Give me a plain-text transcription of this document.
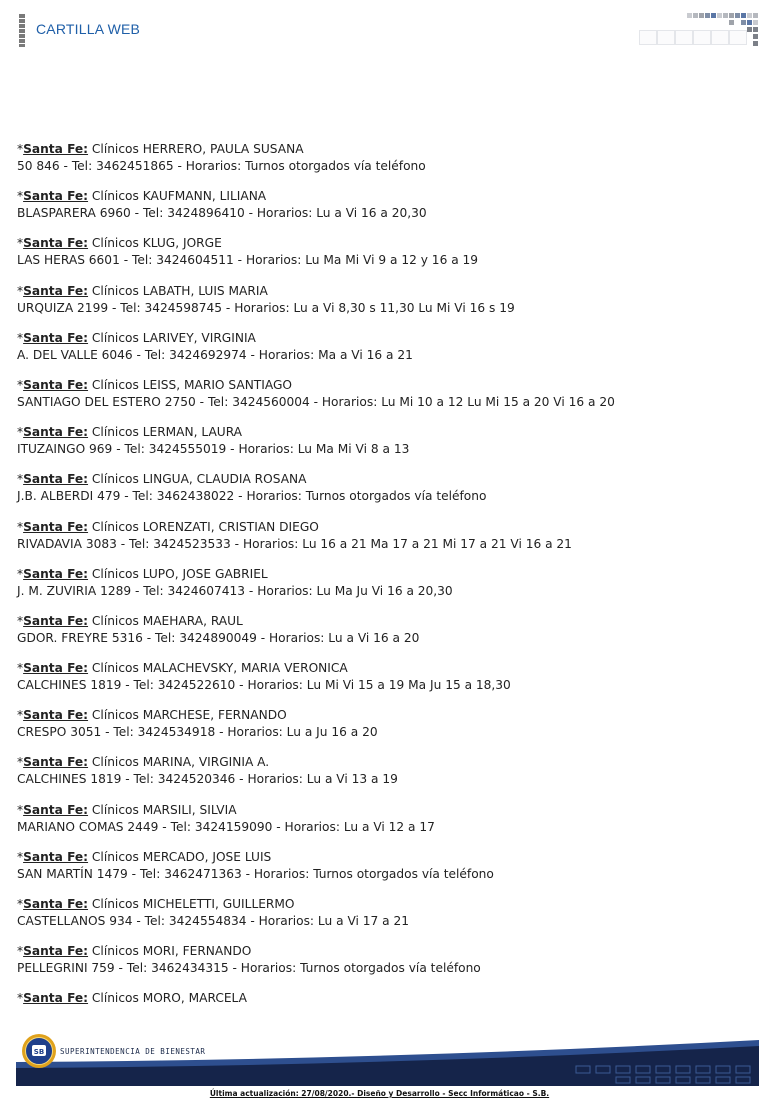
CARTILLA WEB
*Santa Fe: Clínicos HERRERO, PAULA SUSANA
50 846 - Tel: 3462451865 - Horarios: Turnos otorgados vía teléfono
*Santa Fe: Clínicos KAUFMANN, LILIANA
BLASPARERA 6960 - Tel: 3424896410 - Horarios: Lu a Vi 16 a 20,30
*Santa Fe: Clínicos KLUG, JORGE
LAS HERAS 6601 - Tel: 3424604511 - Horarios: Lu Ma Mi Vi 9 a 12 y 16 a 19
*Santa Fe: Clínicos LABATH, LUIS MARIA
URQUIZA 2199 - Tel: 3424598745 - Horarios: Lu a Vi 8,30 s 11,30 Lu Mi Vi 16 s 19
*Santa Fe: Clínicos LARIVEY, VIRGINIA
A. DEL VALLE 6046 - Tel: 3424692974 - Horarios: Ma a Vi 16 a 21
*Santa Fe: Clínicos LEISS, MARIO SANTIAGO
SANTIAGO DEL ESTERO 2750 - Tel: 3424560004 - Horarios: Lu Mi 10 a 12 Lu Mi 15 a 20 Vi 16 a 20
*Santa Fe: Clínicos LERMAN, LAURA
ITUZAINGO 969 - Tel: 3424555019 - Horarios: Lu Ma Mi Vi 8 a 13
*Santa Fe: Clínicos LINGUA, CLAUDIA ROSANA
J.B. ALBERDI 479 - Tel: 3462438022 - Horarios: Turnos otorgados vía teléfono
*Santa Fe: Clínicos LORENZATI, CRISTIAN DIEGO
RIVADAVIA 3083 - Tel: 3424523533 - Horarios: Lu 16 a 21 Ma 17 a 21 Mi 17 a 21 Vi 16 a 21
*Santa Fe: Clínicos LUPO, JOSE GABRIEL
J. M. ZUVIRIA 1289 - Tel: 3424607413 - Horarios: Lu Ma Ju Vi 16 a 20,30
*Santa Fe: Clínicos MAEHARA, RAUL
GDOR. FREYRE 5316 - Tel: 3424890049 - Horarios: Lu a Vi 16 a 20
*Santa Fe: Clínicos MALACHEVSKY, MARIA VERONICA
CALCHINES 1819 - Tel: 3424522610 - Horarios: Lu Mi Vi 15 a 19 Ma Ju 15 a 18,30
*Santa Fe: Clínicos MARCHESE, FERNANDO
CRESPO 3051 - Tel: 3424534918 - Horarios: Lu a Ju 16 a 20
*Santa Fe: Clínicos MARINA, VIRGINIA A.
CALCHINES 1819 - Tel: 3424520346 - Horarios: Lu a Vi 13 a 19
*Santa Fe: Clínicos MARSILI, SILVIA
MARIANO COMAS 2449 - Tel: 3424159090 - Horarios: Lu a Vi 12 a 17
*Santa Fe: Clínicos MERCADO, JOSE LUIS
SAN MARTÍN 1479 - Tel: 3462471363 - Horarios: Turnos otorgados vía teléfono
*Santa Fe: Clínicos MICHELETTI, GUILLERMO
CASTELLANOS 934 - Tel: 3424554834 - Horarios: Lu a Vi 17 a 21
*Santa Fe: Clínicos MORI, FERNANDO
PELLEGRINI 759 - Tel: 3462434315 - Horarios: Turnos otorgados vía teléfono
*Santa Fe: Clínicos MORO, MARCELA
SB SUPERINTENDENCIA DE BIENESTAR
Última actualización: 27/08/2020.- Diseño y Desarrollo - Secc Informáticao - S.B.
